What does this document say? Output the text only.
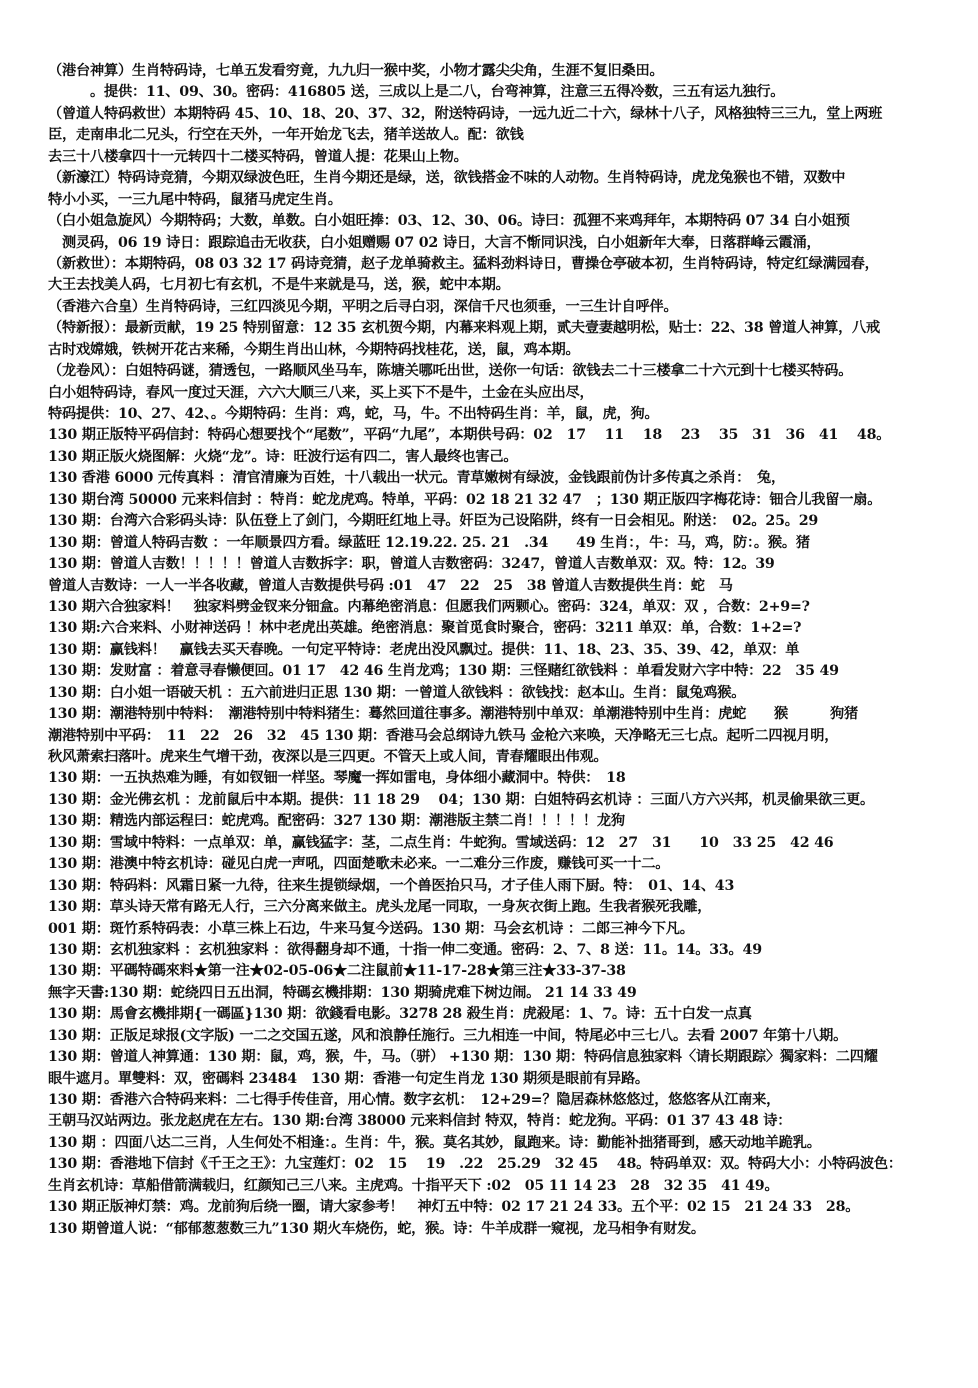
（港台神算）生肖特码诗，七单五发看穷竟，九九归一猴中奖，小物才露尖尖角，生涯不复旧桑田。
。提供：11、09、30。密码：416805 送，三成以上是二八，台弯神算，注意三五得冷数，三五有运九独行。
（曾道人特码救世）本期特码 45、10、18、20、37、32，附送特码诗，一远九近二十六，绿林十八子，风格独特三三九，堂上两班
臣，走南串北二兄头，行空在天外，一年开始龙飞去，猪羊送故人。配：欲钱
去三十八楼拿四十一元转四十二楼买特码，曾道人提：花果山上物。
（新濠江）特码诗竞猜，今期双绿波色旺，生肖今期还是绿，送，欲钱搭金不味的人动物。生肖特码诗，虎龙兔猴也不错，双数中
特小小买，一三九尾中特码，鼠猪马虎定生肖。
（白小姐急旋风）今期特码；大数，单数。白小姐旺捧：03、12、30、06。诗曰：孤狸不来鸡拜年，本期特码 07 34 白小姐预
测灵码，06 19 诗日：跟踪追击无收获，白小姐赠赐 07 02 诗日，大言不惭同识浅，白小姐新年大奉，日落群峰云霞涌，
（新救世）：本期特码，08 03 32 17 码诗竞猜，赵子龙单骑救主。猛料劲料诗日，曹操仓亭破本初，生肖特码诗，特定红绿满园春，
大王去找美人码，七月初七有玄机，不是牛来就是马，送，猴，蛇中本期。
（香港六合皇）生肖特码诗，三红四淡见今期，平明之后寻白羽，深信千尺也须垂，一三生计自呼伴。
（特新报）：最新贡献，19 25 特别留意：12 35 玄机贺今期，内幕来料观上期，贰夫壹妻越明松，贴士：22、38 曾道人神算，八戒
古时戏嫦娥，铁树开花古来稀，今期生肖出山林，今期特码找桂花，送，鼠，鸡本期。
（龙卷风）：白姐特码谜，猜透包，一路顺风坐马车，陈塘关哪吒出世，送你一句话：欲钱去二十三楼拿二十六元到十七楼买特码。
白小姐特码诗，春风一度过天涯，六六大顺三八来，买上买下不是牛，土金在头应出尽，
特码提供：10、27、42、。今期特码：生肖：鸡，蛇，马，牛。不出特码生肖：羊，鼠，虎，狗。
130 期正版特平码信封：特码心想要找个“尾数”，平码“九尾”，本期供号码：02　17　 11　 18　 23　 35　31　36　41　 48。
130 期正版火烧图解：火烧“龙”。诗：旺波行运有四二，害人最终也害己。
130 香港 6000 元传真料 ：清官清廉为百姓，十八载出一状元。青草嫩树有绿波，金钱跟前伪计多传真之杀肖：　兔，
130 期台湾 50000 元来料信封 ：特肖：蛇龙虎鸡。特单，平码：02 18 21 32 47　；130 期正版四字梅花诗：钿合儿我留一扇。
130 期：台湾六合彩码头诗：队伍登上了剑门，今期旺红地上寻。奸臣为己设陷阱，终有一日会相见。附送：　02。25。29
130 期：曾道人特码吉数 ：一年顺景四方看。绿蓝旺 12.19.22. 25. 21　.34　　49 生肖：，牛：马，鸡，防：。猴。猪
130 期：曾道人吉数！！！！！曾道人吉数拆字：职，曾道人吉数密码：3247，曾道人吉数单双：双。特：12。39
曾道人吉数诗：一人一半各收藏，曾道人吉数提供号码 :01　47　22　25　38 曾道人吉数提供生肖：蛇　马
130 期六合独家料！　独家料劈金钗来分钿盒。内幕绝密消息：但愿我们两颗心。密码：324，单双：双 ，合数：2+9=?
130 期:六合来料、小财神送码 ！林中老虎出英雄。绝密消息：聚首觅食时聚合，密码：3211 单双：单，合数：1+2=?
130 期：赢钱料！　赢钱去买天春晚。一句定平特诗：老虎出没风飘过。提供：11、18、23、35、39、42，单双：单
130 期：发财富 ：着意寻春懒便回。01 17　42 46 生肖龙鸡；130 期：三怪赌红欲钱料 ：单看发财六字中特：22　35 49
130 期：白小姐一语破天机 ：五六前进归正思 130 期：一曾道人欲钱料 ：欲钱找：赵本山。生肖：鼠兔鸡猴。
130 期：潮港特别中特料：　潮港特别中特料猪生：蓦然回道往事多。潮港特别中单双：单潮港特别中生肖：虎蛇　　猴　　　狗猪
潮港特别中平码：　11　22　26　32　45 130 期：香港马会总纲诗九铁马 金枪六来唤，天净略无三七点。起听二四视月明，
秋风萧索扫落叶。虎来生气增干劲，夜深以是三四更。不管天上或人间，青春耀眼出伟观。
130 期：一五执热难为睡，有如钗钿一样坚。琴魔一挥如雷电，身体细小藏洞中。特供：　18
130 期：金光佛玄机 ：龙前鼠后中本期。提供：11 18 29　 04；130 期：白姐特码玄机诗 ：三面八方六兴邦，机灵偷果欲三更。
130 期：精选内部运程曰：蛇虎鸡。配密码：327 130 期：潮港版主禁二肖！！！！！龙狗
130 期：雪域中特料：一点单双：单，赢钱猛字：茎，二点生肖：牛蛇狗。雪域送码：12　27　31　　10　33 25　42 46
130 期：港澳中特玄机诗：碰见白虎一声吼，四面楚歌未必来。一二难分三作废，赚钱可买一十二。
130 期：特码料：风霜日紧一九待，往来生提锁绿烟，一个兽医抬只马，才子佳人雨下厨。特：　01、14、43
130 期：草头诗天常有路无人行，三六分离来做主。虎头龙尾一同取，一身灰衣街上跑。生我者猴死我雕，
001 期：斑竹系特码表：小草三株上石边，牛来马复今送码。130 期：马会玄机诗 ：二郎三神今下凡。
130 期：玄机独家料 ：玄机独家料 ：欲得翻身却不通，十指一伸二变通。密码：2、7、8 送：11。14。33。49
130 期：平碼特碼來料★第一注★02-05-06★二注鼠前★11-17-28★第三注★33-37-38
無字天書:130 期：蛇绕四日五出洞，特碼玄機排期：130 期骑虎难下树边闹。 21 14 33 49
130 期：馬會玄機排期{一碼區}130 期：欲錢看电影。3278 28 殺生肖：虎殺尾：1、7。诗：五十白发一点真
130 期：正版足球报(文字版) 一二之交国五遂，风和浪静任施行。三九相连一中间，特尾必中三七八。去看 2007 年第十八期。
130 期：曾道人神算通：130 期：鼠，鸡，猴，牛，马。（骈） +130 期：130 期：特码信息独家料〈请长期跟踪〉獨家料：二四耀
眼牛遮月。單雙料：双，密碼料 23484　130 期：香港一句定生肖龙 130 期须是眼前有异路。
130 期：香港六合特码来料：二七得手传佳音，用心情。数字玄机：　12+29=？隐居森林悠悠过，悠悠客从江南来，
王朝马汉站两边。张龙赵虎在左右。130 期:台湾 38000 元来料信封 特双，特肖：蛇龙狗。平码：01 37 43 48 诗：
130 期 ：四面八达二三肖，人生何处不相逢：。生肖：牛，猴。莫名其妙，鼠跑来。诗：勤能补拙猪哥到，感天动地羊跪乳。
130 期：香港地下信封《千王之王》：九宝莲灯：02　15　 19　.22　25.29　32 45　 48。特码单双：双。特码大小：小特码波色：
生肖玄机诗：草船借箭满载归，红颜知己三八来。主虎鸡。十指平天下 :02　05 11 14 23　28　32 35　41 49。
130 期正版神灯禁：鸡。龙前狗后绕一圈，请大家参考！　神灯五中特：02 17 21 24 33。五个平：02 15　21 24 33　28。
130 期曾道人说：“郁郁葱葱数三九”130 期火车烧伤，蛇，猴。诗：牛羊成群一窥视，龙马相争有财发。
